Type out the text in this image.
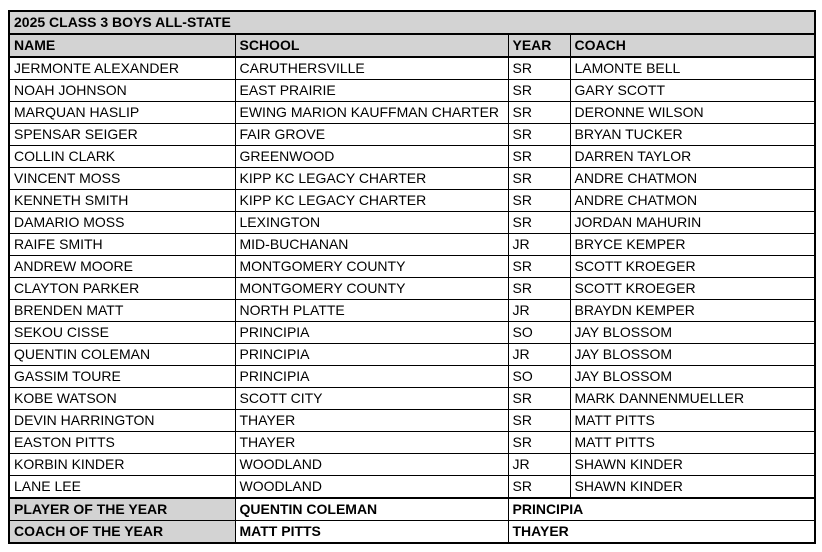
2025 CLASS 3 BOYS ALL-STATE			
NAME	SCHOOL	YEAR	COACH
JERMONTE ALEXANDER	CARUTHERSVILLE	SR	LAMONTE BELL
NOAH JOHNSON	EAST PRAIRIE	SR	GARY SCOTT
MARQUAN HASLIP	EWING MARION KAUFFMAN CHARTER	SR	DERONNE WILSON
SPENSAR SEIGER	FAIR GROVE	SR	BRYAN TUCKER
COLLIN CLARK	GREENWOOD	SR	DARREN TAYLOR
VINCENT MOSS	KIPP KC LEGACY CHARTER	SR	ANDRE CHATMON
KENNETH SMITH	KIPP KC LEGACY CHARTER	SR	ANDRE CHATMON
DAMARIO MOSS	LEXINGTON	SR	JORDAN MAHURIN
RAIFE SMITH	MID-BUCHANAN	JR	BRYCE KEMPER
ANDREW MOORE	MONTGOMERY COUNTY	SR	SCOTT KROEGER
CLAYTON PARKER	MONTGOMERY COUNTY	SR	SCOTT KROEGER
BRENDEN MATT	NORTH PLATTE	JR	BRAYDN KEMPER
SEKOU CISSE	PRINCIPIA	SO	JAY BLOSSOM
QUENTIN COLEMAN	PRINCIPIA	JR	JAY BLOSSOM
GASSIM TOURE	PRINCIPIA	SO	JAY BLOSSOM
KOBE WATSON	SCOTT CITY	SR	MARK DANNENMUELLER
DEVIN HARRINGTON	THAYER	SR	MATT PITTS
EASTON PITTS	THAYER	SR	MATT PITTS
KORBIN KINDER	WOODLAND	JR	SHAWN KINDER
LANE LEE	WOODLAND	SR	SHAWN KINDER
PLAYER OF THE YEAR	QUENTIN COLEMAN	PRINCIPIA	
COACH OF THE YEAR	MATT PITTS	THAYER	
